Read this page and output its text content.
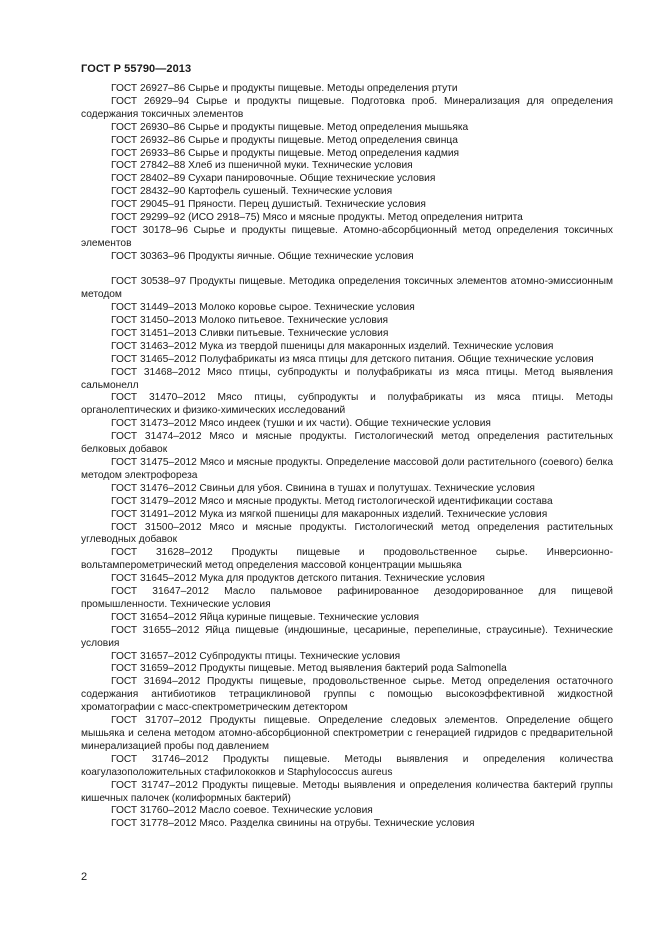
ГОСТ Р 55790—2013

ГОСТ 26927–86 Сырье и продукты пищевые. Методы определения ртути

ГОСТ 26929–94 Сырье и продукты пищевые. Подготовка проб. Минерализация для определения содержания токсичных элементов

ГОСТ 26930–86 Сырье и продукты пищевые. Метод определения мышьяка

ГОСТ 26932–86 Сырье и продукты пищевые. Метод определения свинца

ГОСТ 26933–86 Сырье и продукты пищевые. Метод определения кадмия

ГОСТ 27842–88 Хлеб из пшеничной муки. Технические условия

ГОСТ 28402–89 Сухари панировочные. Общие технические условия

ГОСТ 28432–90 Картофель сушеный. Технические условия

ГОСТ 29045–91 Пряности. Перец душистый. Технические условия

ГОСТ 29299–92 (ИСО 2918–75) Мясо и мясные продукты. Метод определения нитрита

ГОСТ 30178–96 Сырье и продукты пищевые. Атомно-абсорбционный метод определения токсичных элементов

ГОСТ 30363–96 Продукты яичные. Общие технические условия

ГОСТ 30538–97 Продукты пищевые. Методика определения токсичных элементов атомно-эмиссионным методом

ГОСТ 31449–2013 Молоко коровье сырое. Технические условия

ГОСТ 31450–2013 Молоко питьевое. Технические условия

ГОСТ 31451–2013 Сливки питьевые. Технические условия

ГОСТ 31463–2012 Мука из твердой пшеницы для макаронных изделий. Технические условия

ГОСТ 31465–2012 Полуфабрикаты из мяса птицы для детского питания. Общие технические условия

ГОСТ 31468–2012 Мясо птицы, субпродукты и полуфабрикаты из мяса птицы. Метод выявления сальмонелл

ГОСТ 31470–2012 Мясо птицы, субпродукты и полуфабрикаты из мяса птицы. Методы органолептических и физико-химических исследований

ГОСТ 31473–2012 Мясо индеек (тушки и их части). Общие технические условия

ГОСТ 31474–2012 Мясо и мясные продукты. Гистологический метод определения растительных белковых добавок

ГОСТ 31475–2012 Мясо и мясные продукты. Определение массовой доли растительного (соевого) белка методом электрофореза

ГОСТ 31476–2012 Свиньи для убоя. Свинина в тушах и полутушах. Технические условия

ГОСТ 31479–2012 Мясо и мясные продукты. Метод гистологической идентификации состава

ГОСТ 31491–2012 Мука из мягкой пшеницы для макаронных изделий. Технические условия

ГОСТ 31500–2012 Мясо и мясные продукты. Гистологический метод определения растительных углеводных добавок

ГОСТ 31628–2012 Продукты пищевые и продовольственное сырье. Инверсионно-вольтамперометрический метод определения массовой концентрации мышьяка

ГОСТ 31645–2012 Мука для продуктов детского питания. Технические условия

ГОСТ 31647–2012 Масло пальмовое рафинированное дезодорированное для пищевой промышленности. Технические условия

ГОСТ 31654–2012 Яйца куриные пищевые. Технические условия

ГОСТ 31655–2012 Яйца пищевые (индюшиные, цесариные, перепелиные, страусиные). Технические условия

ГОСТ 31657–2012 Субпродукты птицы. Технические условия

ГОСТ 31659–2012 Продукты пищевые. Метод выявления бактерий рода Salmonella

ГОСТ 31694–2012 Продукты пищевые, продовольственное сырье. Метод определения остаточного содержания антибиотиков тетрациклиновой группы с помощью высокоэффективной жидкостной хроматографии с масс-спектрометрическим детектором

ГОСТ 31707–2012 Продукты пищевые. Определение следовых элементов. Определение общего мышьяка и селена методом атомно-абсорбционной спектрометрии с генерацией гидридов с предварительной минерализацией пробы под давлением

ГОСТ 31746–2012 Продукты пищевые. Методы выявления и определения количества коагулазоположительных стафилококков и Staphylococcus aureus

ГОСТ 31747–2012 Продукты пищевые. Методы выявления и определения количества бактерий группы кишечных палочек (колиформных бактерий)

ГОСТ 31760–2012 Масло соевое. Технические условия

ГОСТ 31778–2012 Мясо. Разделка свинины на отрубы. Технические условия

2
